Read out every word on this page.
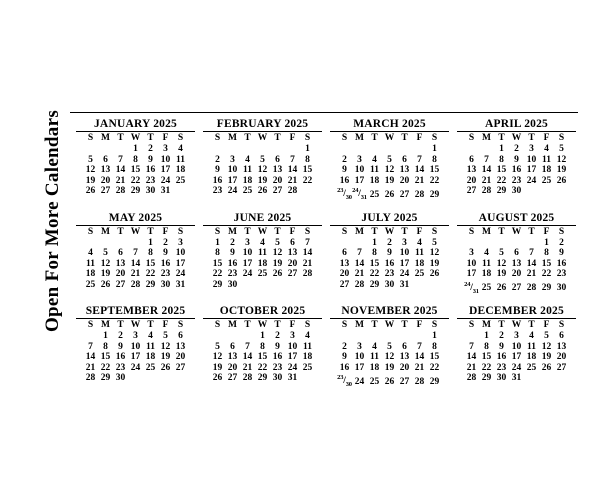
Open For More Calendars	JANUARY 2025
S	M	T	W	T	F	S
			1	2	3	4
5	6	7	8	9	10	11
12	13	14	15	16	17	18
19	20	21	22	23	24	25
26	27	28	29	30	31	
FEBRUARY 2025
S	M	T	W	T	F	S
						1
2	3	4	5	6	7	8
9	10	11	12	13	14	15
16	17	18	19	20	21	22
23	24	25	26	27	28	
MARCH 2025
S	M	T	W	T	F	S
						1
2	3	4	5	6	7	8
9	10	11	12	13	14	15
16	17	18	19	20	21	22
$^{23}/_{30}$	$^{24}/_{31}$	25	26	27	28	29
APRIL 2025
S	M	T	W	T	F	S
		1	2	3	4	5
6	7	8	9	10	11	12
13	14	15	16	17	18	19
20	21	22	23	24	25	26
27	28	29	30			
MAY 2025
S	M	T	W	T	F	S
				1	2	3
4	5	6	7	8	9	10
11	12	13	14	15	16	17
18	19	20	21	22	23	24
25	26	27	28	29	30	31
JUNE 2025
S	M	T	W	T	F	S
1	2	3	4	5	6	7
8	9	10	11	12	13	14
15	16	17	18	19	20	21
22	23	24	25	26	27	28
29	30					
JULY 2025
S	M	T	W	T	F	S
		1	2	3	4	5
6	7	8	9	10	11	12
13	14	15	16	17	18	19
20	21	22	23	24	25	26
27	28	29	30	31		
AUGUST 2025
S	M	T	W	T	F	S
					1	2
3	4	5	6	7	8	9
10	11	12	13	14	15	16
17	18	19	20	21	22	23
$^{24}/_{31}$	25	26	27	28	29	30
SEPTEMBER 2025
S	M	T	W	T	F	S
	1	2	3	4	5	6
7	8	9	10	11	12	13
14	15	16	17	18	19	20
21	22	23	24	25	26	27
28	29	30				
OCTOBER 2025
S	M	T	W	T	F	S
			1	2	3	4
5	6	7	8	9	10	11
12	13	14	15	16	17	18
19	20	21	22	23	24	25
26	27	28	29	30	31	
NOVEMBER 2025
S	M	T	W	T	F	S
						1
2	3	4	5	6	7	8
9	10	11	12	13	14	15
16	17	18	19	20	21	22
$^{23}/_{30}$	24	25	26	27	28	29
DECEMBER 2025
S	M	T	W	T	F	S
	1	2	3	4	5	6
7	8	9	10	11	12	13
14	15	16	17	18	19	20
21	22	23	24	25	26	27
28	29	30	31			
